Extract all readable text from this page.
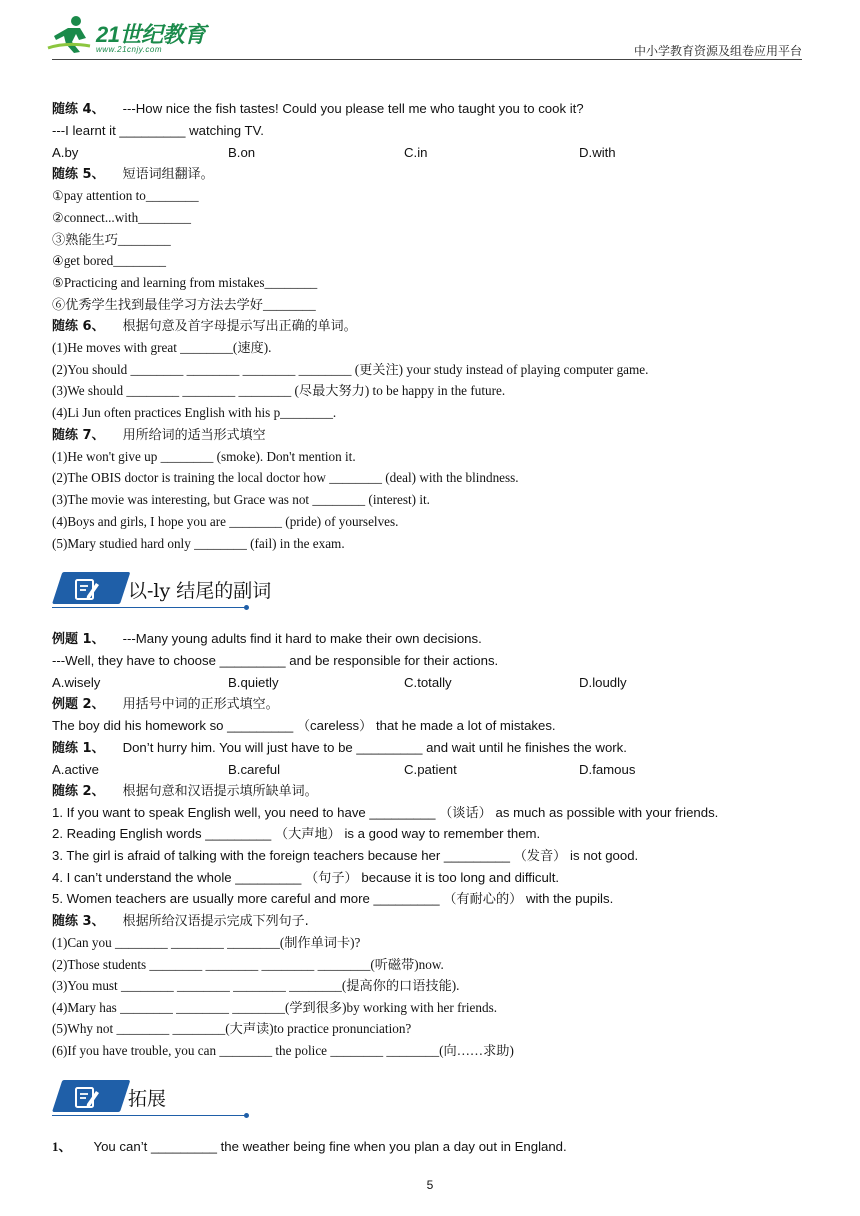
21世纪教育
www.21cnjy.com	中小学教育资源及组卷应用平台
随练 4、 ---How nice the fish tastes! Could you please tell me who taught you to cook it?
---I learnt it _________ watching TV.
A.by	B.on	C.in	D.with
随练 5、 短语词组翻译。
①pay attention to________
②connect...with________
③熟能生巧________
④get bored________
⑤Practicing and learning from mistakes________
⑥优秀学生找到最佳学习方法去学好________
随练 6、 根据句意及首字母提示写出正确的单词。
(1)He moves with great ________(速度).
(2)You should ________ ________ ________ ________ (更关注) your study instead of playing computer game.
(3)We should ________ ________ ________ (尽最大努力) to be happy in the future.
(4)Li Jun often practices English with his p________.
随练 7、 用所给词的适当形式填空
(1)He won't give up ________ (smoke). Don't mention it.
(2)The OBIS doctor is training the local doctor how ________ (deal) with the blindness.
(3)The movie was interesting, but Grace was not ________ (interest) it.
(4)Boys and girls, I hope you are ________ (pride) of yourselves.
(5)Mary studied hard only ________ (fail) in the exam.
以-ly 结尾的副词
例题 1、 ---Many young adults find it hard to make their own decisions.
---Well, they have to choose _________ and be responsible for their actions.
A.wisely	B.quietly	C.totally	D.loudly
例题 2、 用括号中词的正形式填空。
The boy did his homework so _________ （careless） that he made a lot of mistakes.
随练 1、 Don’t hurry him. You will just have to be _________ and wait until he finishes the work.
A.active	B.careful	C.patient	D.famous
随练 2、 根据句意和汉语提示填所缺单词。
1. If you want to speak English well, you need to have _________ （谈话） as much as possible with your friends.
2. Reading English words _________ （大声地） is a good way to remember them.
3. The girl is afraid of talking with the foreign teachers because her _________ （发音） is not good.
4. I can’t understand the whole _________ （句子） because it is too long and difficult.
5. Women teachers are usually more careful and more _________ （有耐心的） with the pupils.
随练 3、 根据所给汉语提示完成下列句子.
(1)Can you ________ ________ ________(制作单词卡)?
(2)Those students ________ ________ ________ ________(听磁带)now.
(3)You must ________ ________ ________ ________(提高你的口语技能).
(4)Mary has ________ ________ ________(学到很多)by working with her friends.
(5)Why not ________ ________(大声读)to practice pronunciation?
(6)If you have trouble, you can ________ the police ________ ________(向……求助)
拓展
1、 You can’t _________ the weather being fine when you plan a day out in England.
5
